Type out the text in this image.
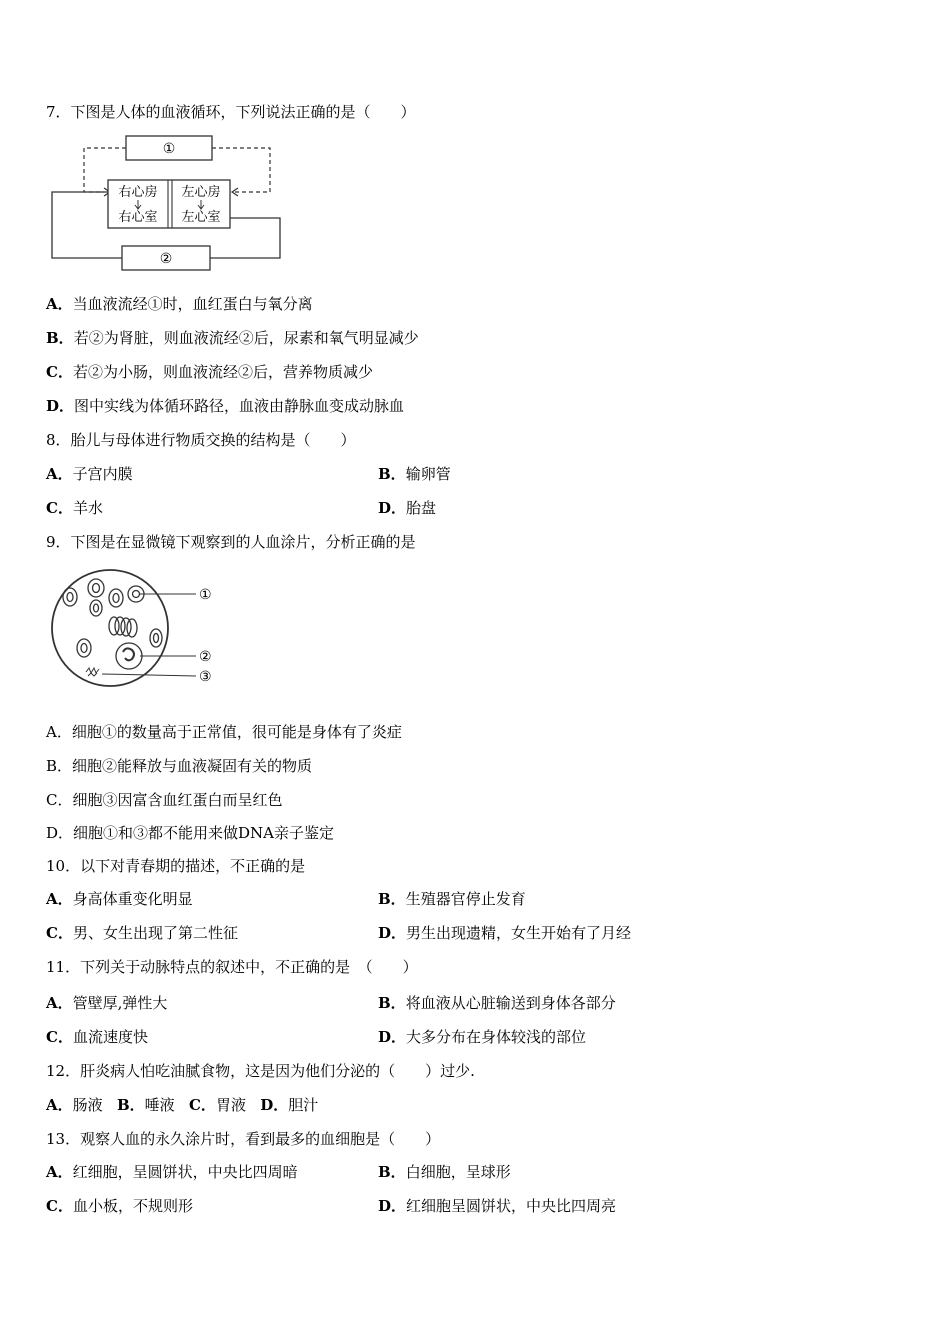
7．下图是人体的血液循环，下列说法正确的是（　　）
①
右心房
右心室
左心房
左心室
②
A．当血液流经①时，血红蛋白与氧分离
B．若②为肾脏，则血液流经②后，尿素和氧气明显减少
C．若②为小肠，则血液流经②后，营养物质减少
D．图中实线为体循环路径，血液由静脉血变成动脉血
8．胎儿与母体进行物质交换的结构是（　　）
A．子宫内膜	B．输卵管
C．羊水	D．胎盘
9．下图是在显微镜下观察到的人血涂片，分析正确的是
①
②
③
A．细胞①的数量高于正常值，很可能是身体有了炎症
B．细胞②能释放与血液凝固有关的物质
C．细胞③因富含血红蛋白而呈红色
D．细胞①和③都不能用来做DNA亲子鉴定
10．以下对青春期的描述，不正确的是
A．身高体重变化明显	B．生殖器官停止发育
C．男、女生出现了第二性征	D．男生出现遗精，女生开始有了月经
11．下列关于动脉特点的叙述中，不正确的是　（　　）
A．管壁厚,弹性大	B．将血液从心脏输送到身体各部分
C．血流速度快	D．大多分布在身体较浅的部位
12．肝炎病人怕吃油腻食物，这是因为他们分泌的（　　）过少.
A．肠液 B．唾液 C．胃液 D．胆汁
13．观察人血的永久涂片时，看到最多的血细胞是（　　）
A．红细胞，呈圆饼状，中央比四周暗	B．白细胞，呈球形
C．血小板，不规则形	D．红细胞呈圆饼状，中央比四周亮
